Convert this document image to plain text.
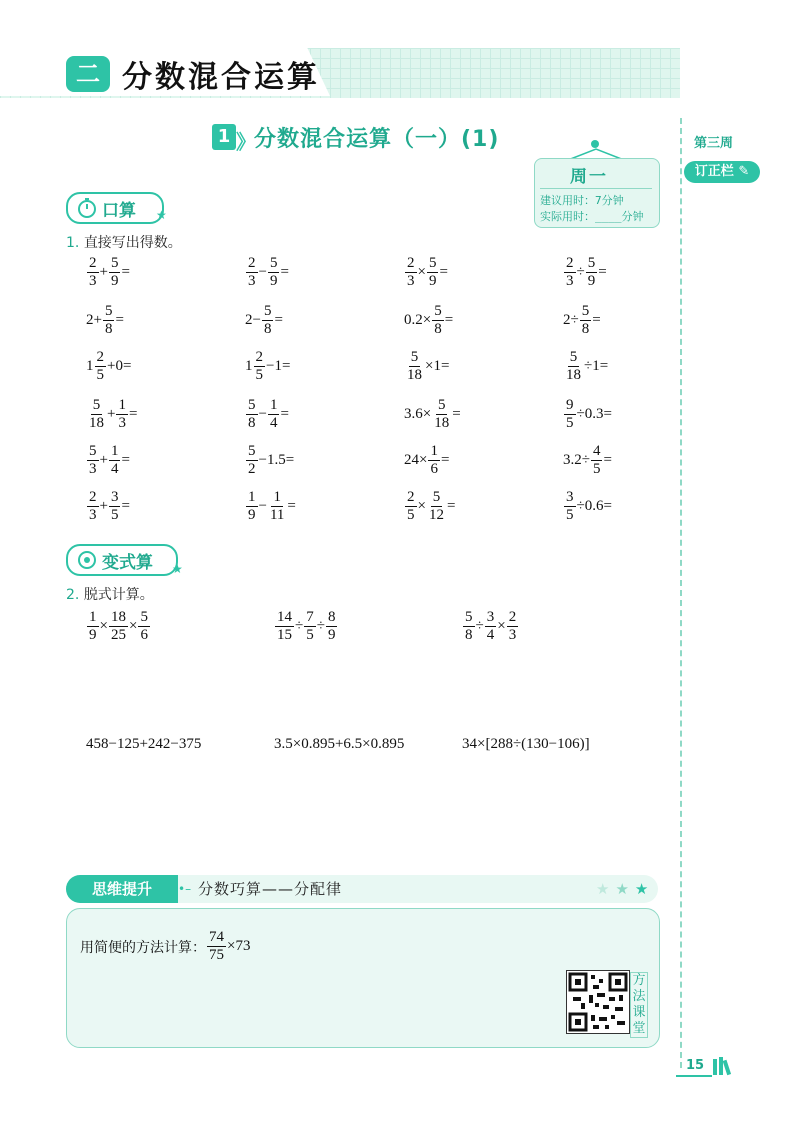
二 分数混合运算
第三周
订正栏 ✎
15
1 》
分数混合运算（一）(1)
周一
建议用时：7分钟
实际用时：____分钟
口算 ★
1. 直接写出得数。
$\frac{2}{3} + \frac{5}{9}$ =	$\frac{2}{3} - \frac{5}{9}$ =	$\frac{2}{3} \times \frac{5}{9}$ =	$\frac{2}{3} \div \frac{5}{9}$ =
$2+ \frac{5}{8}$ =	$2- \frac{5}{8}$ =	$0.2\times \frac{5}{8}$ =	$2\div \frac{5}{8}$ =
$1 \frac{2}{5} +0=$	$1 \frac{2}{5} -1=$	$\frac{5}{18} \times 1=$	$\frac{5}{18} \div 1=$
$\frac{5}{18} + \frac{1}{3}$ =	$\frac{5}{8} - \frac{1}{4}$ =	$3.6\times \frac{5}{18}$ =	$\frac{9}{5} \div 0.3=$
$\frac{5}{3} + \frac{1}{4}$ =	$\frac{5}{2} -1.5=$	$24\times \frac{1}{6}$ =	$3.2\div \frac{4}{5}$ =
$\frac{2}{3} + \frac{3}{5}$ =	$\frac{1}{9} - \frac{1}{11}$ =	$\frac{2}{5} \times \frac{5}{12}$ =	$\frac{3}{5} \div 0.6=$
变式算 ★
2. 脱式计算。
$\frac{1}{9} \times \frac{18}{25} \times \frac{5}{6}$	$\frac{14}{15} \div \frac{7}{5} \div \frac{8}{9}$	$\frac{5}{8} \div \frac{3}{4} \times \frac{2}{3}$
458−125+242−375	3.5×0.895+6.5×0.895	34×[288÷(130−106)]
思维提升	•– 分数巧算——分配律	★★★
用简便的方法计算： $\frac{74}{75} \times 73$
方法课堂
